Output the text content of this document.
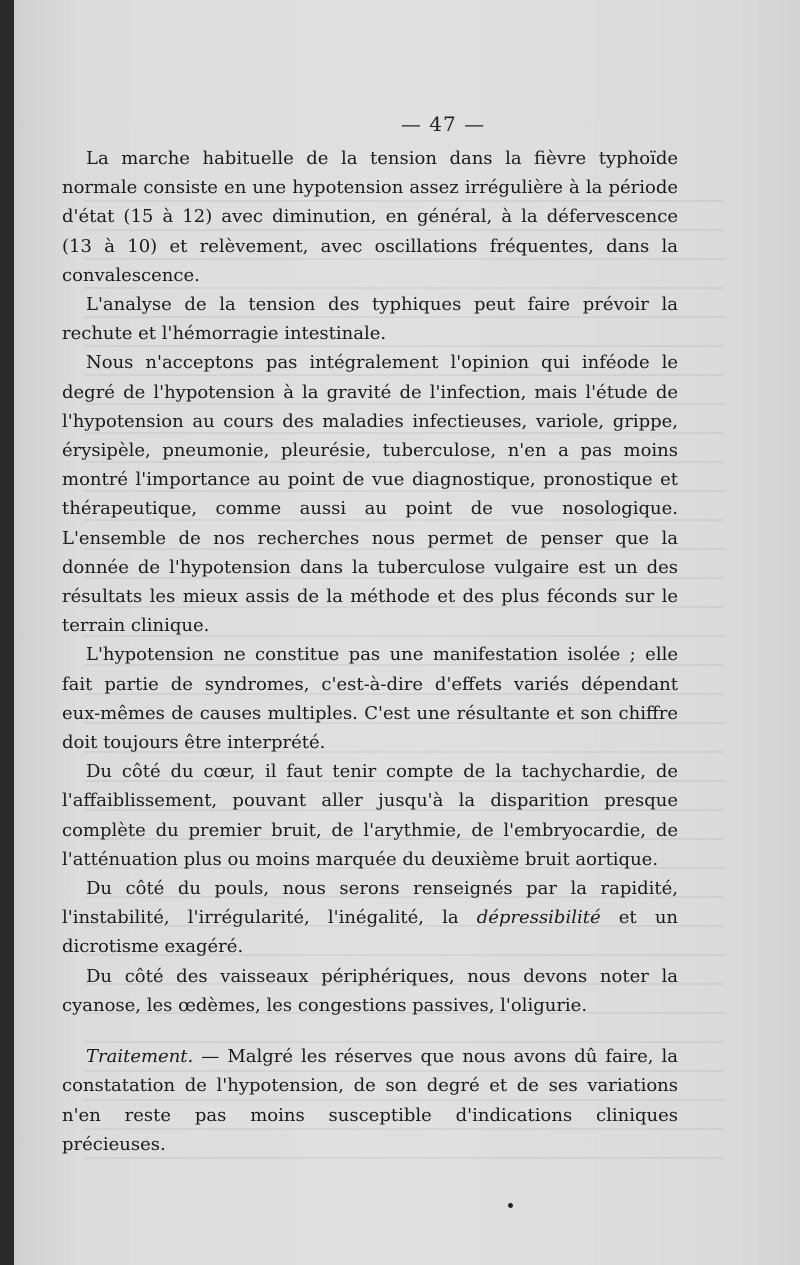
— 47 —

La marche habituelle de la tension dans la fièvre typhoïde normale consiste en une hypotension assez irrégulière à la période d'état (15 à 12) avec diminution, en général, à la défervescence (13 à 10) et relèvement, avec oscillations fréquentes, dans la convalescence.

L'analyse de la tension des typhiques peut faire prévoir la rechute et l'hémorragie intestinale.

Nous n'acceptons pas intégralement l'opinion qui inféode le degré de l'hypotension à la gravité de l'infection, mais l'étude de l'hypotension au cours des maladies infectieuses, variole, grippe, érysipèle, pneumonie, pleurésie, tuberculose, n'en a pas moins montré l'importance au point de vue diagnostique, pronostique et thérapeutique, comme aussi au point de vue nosologique. L'ensemble de nos recherches nous permet de penser que la donnée de l'hypotension dans la tuberculose vulgaire est un des résultats les mieux assis de la méthode et des plus féconds sur le terrain clinique.

L'hypotension ne constitue pas une manifestation isolée ; elle fait partie de syndromes, c'est-à-dire d'effets variés dépendant eux-mêmes de causes multiples. C'est une résultante et son chiffre doit toujours être interprété.

Du côté du cœur, il faut tenir compte de la tachychardie, de l'affaiblissement, pouvant aller jusqu'à la disparition presque complète du premier bruit, de l'arythmie, de l'embryocardie, de l'atténuation plus ou moins marquée du deuxième bruit aortique.

Du côté du pouls, nous serons renseignés par la rapidité, l'instabilité, l'irrégularité, l'inégalité, la dépressibilité et un dicrotisme exagéré.

Du côté des vaisseaux périphériques, nous devons noter la cyanose, les œdèmes, les congestions passives, l'oligurie.

Traitement. — Malgré les réserves que nous avons dû faire, la constatation de l'hypotension, de son degré et de ses variations n'en reste pas moins susceptible d'indications cliniques précieuses.
